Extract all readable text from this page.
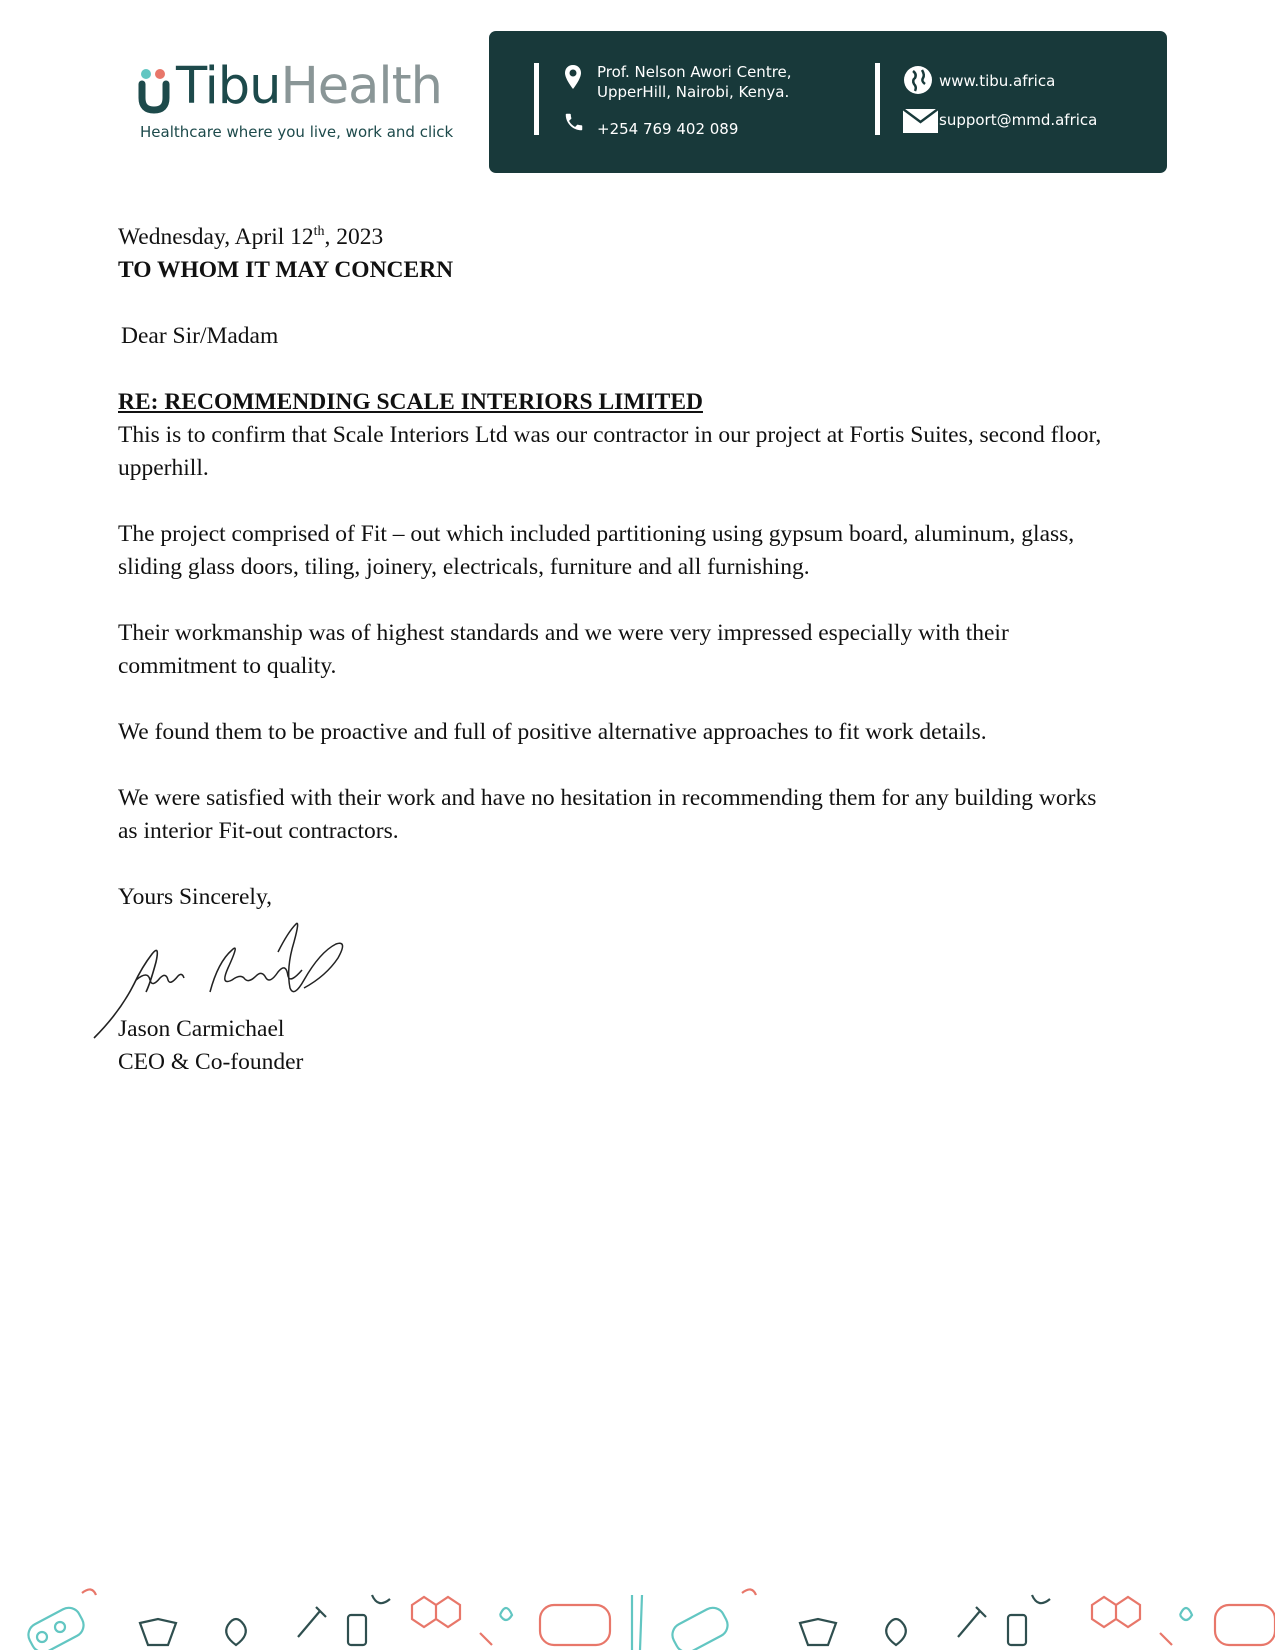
TibuHealth
Healthcare where you live, work and click
Prof. Nelson Awori Centre,
UpperHill, Nairobi, Kenya.
+254 769 402 089
www.tibu.africa
support@mmd.africa

Wednesday, April 12th, 2023

TO WHOM IT MAY CONCERN

Dear Sir/Madam

RE: RECOMMENDING SCALE INTERIORS LIMITED

This is to confirm that Scale Interiors Ltd was our contractor in our project at Fortis Suites, second floor, upperhill.

The project comprised of Fit – out which included partitioning using gypsum board, aluminum, glass, sliding glass doors, tiling, joinery, electricals, furniture and all furnishing.

Their workmanship was of highest standards and we were very impressed especially with their commitment to quality.

We found them to be proactive and full of positive alternative approaches to fit work details.

We were satisfied with their work and have no hesitation in recommending them for any building works as interior Fit-out contractors.

Yours Sincerely,

Jason Carmichael

CEO & Co-founder
